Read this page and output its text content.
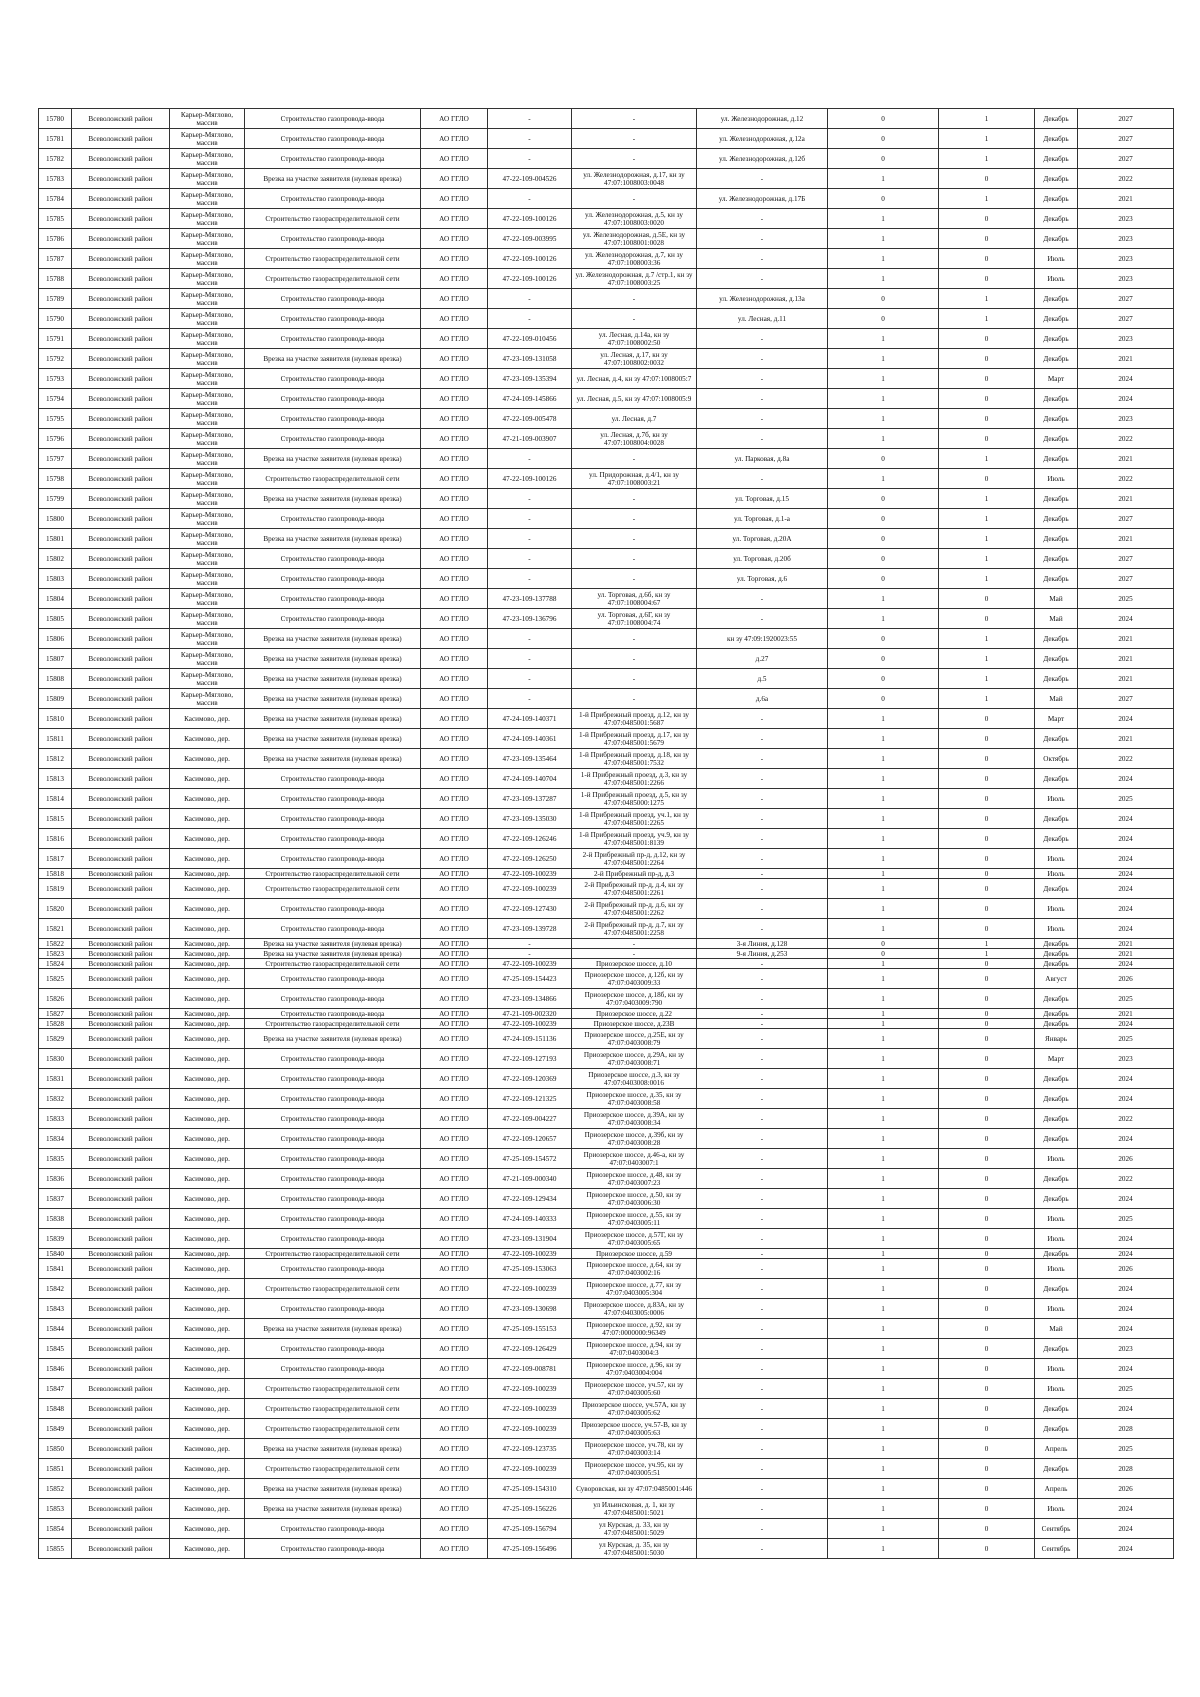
15780	Всеволожский район	Карьер-Мяглово, массив	Строительство газопровода-ввода	АО ГГЛО	-	-	ул. Железнодорожная, д.12	0	1	Декабрь	2027
15781	Всеволожский район	Карьер-Мяглово, массив	Строительство газопровода-ввода	АО ГГЛО	-	-	ул. Железнодорожная, д.12а	0	1	Декабрь	2027
15782	Всеволожский район	Карьер-Мяглово, массив	Строительство газопровода-ввода	АО ГГЛО	-	-	ул. Железнодорожная, д.12б	0	1	Декабрь	2027
15783	Всеволожский район	Карьер-Мяглово, массив	Врезка на участке заявителя (нулевая врезка)	АО ГГЛО	47-22-109-004526	ул. Железнодорожная, д.17, кн зу 47:07:1008003:0048	-	1	0	Декабрь	2022
15784	Всеволожский район	Карьер-Мяглово, массив	Строительство газопровода-ввода	АО ГГЛО	-	-	ул. Железнодорожная, д.17Б	0	1	Декабрь	2021
15785	Всеволожский район	Карьер-Мяглово, массив	Строительство газораспределительной сети	АО ГГЛО	47-22-109-100126	ул. Железнодорожная, д.5, кн зу 47:07:1008003:0020	-	1	0	Декабрь	2023
15786	Всеволожский район	Карьер-Мяглово, массив	Строительство газопровода-ввода	АО ГГЛО	47-22-109-003995	ул. Железнодорожная, д.5Е, кн зу 47:07:1008001:0028	-	1	0	Декабрь	2023
15787	Всеволожский район	Карьер-Мяглово, массив	Строительство газораспределительной сети	АО ГГЛО	47-22-109-100126	ул. Железнодорожная, д.7, кн зу 47:07:1008003:36	-	1	0	Июль	2023
15788	Всеволожский район	Карьер-Мяглово, массив	Строительство газораспределительной сети	АО ГГЛО	47-22-109-100126	ул. Железнодорожная, д.7 /стр.1, кн зу 47:07:1008003:25	-	1	0	Июль	2023
15789	Всеволожский район	Карьер-Мяглово, массив	Строительство газопровода-ввода	АО ГГЛО	-	-	ул. Железнодорожная, д.13а	0	1	Декабрь	2027
15790	Всеволожский район	Карьер-Мяглово, массив	Строительство газопровода-ввода	АО ГГЛО	-	-	ул. Лесная, д.11	0	1	Декабрь	2027
15791	Всеволожский район	Карьер-Мяглово, массив	Строительство газопровода-ввода	АО ГГЛО	47-22-109-010456	ул. Лесная, д.14а, кн зу 47:07:1008002:50	-	1	0	Декабрь	2023
15792	Всеволожский район	Карьер-Мяглово, массив	Врезка на участке заявителя (нулевая врезка)	АО ГГЛО	47-23-109-131058	ул. Лесная, д.17, кн зу 47:07:1008002:0032	-	1	0	Декабрь	2021
15793	Всеволожский район	Карьер-Мяглово, массив	Строительство газопровода-ввода	АО ГГЛО	47-23-109-135394	ул. Лесная, д.4, кн зу 47:07:1008005:7	-	1	0	Март	2024
15794	Всеволожский район	Карьер-Мяглово, массив	Строительство газопровода-ввода	АО ГГЛО	47-24-109-145866	ул. Лесная, д.5, кн зу 47:07:1008005:9	-	1	0	Декабрь	2024
15795	Всеволожский район	Карьер-Мяглово, массив	Строительство газопровода-ввода	АО ГГЛО	47-22-109-005478	ул. Лесная, д.7	-	1	0	Декабрь	2023
15796	Всеволожский район	Карьер-Мяглово, массив	Строительство газопровода-ввода	АО ГГЛО	47-21-109-003907	ул. Лесная, д.7б, кн зу 47:07:1008004:0028	-	1	0	Декабрь	2022
15797	Всеволожский район	Карьер-Мяглово, массив	Врезка на участке заявителя (нулевая врезка)	АО ГГЛО	-	-	ул. Парковая, д.8а	0	1	Декабрь	2021
15798	Всеволожский район	Карьер-Мяглово, массив	Строительство газораспределительной сети	АО ГГЛО	47-22-109-100126	ул. Придорожная, д.4/1, кн зу 47:07:1008003:21	-	1	0	Июль	2022
15799	Всеволожский район	Карьер-Мяглово, массив	Врезка на участке заявителя (нулевая врезка)	АО ГГЛО	-	-	ул. Торговая, д.15	0	1	Декабрь	2021
15800	Всеволожский район	Карьер-Мяглово, массив	Строительство газопровода-ввода	АО ГГЛО	-	-	ул. Торговая, д.1-а	0	1	Декабрь	2027
15801	Всеволожский район	Карьер-Мяглово, массив	Врезка на участке заявителя (нулевая врезка)	АО ГГЛО	-	-	ул. Торговая, д.20А	0	1	Декабрь	2021
15802	Всеволожский район	Карьер-Мяглово, массив	Строительство газопровода-ввода	АО ГГЛО	-	-	ул. Торговая, д.20б	0	1	Декабрь	2027
15803	Всеволожский район	Карьер-Мяглово, массив	Строительство газопровода-ввода	АО ГГЛО	-	-	ул. Торговая, д.6	0	1	Декабрь	2027
15804	Всеволожский район	Карьер-Мяглово, массив	Строительство газопровода-ввода	АО ГГЛО	47-23-109-137788	ул. Торговая, д.6б, кн зу 47:07:1008004:67	-	1	0	Май	2025
15805	Всеволожский район	Карьер-Мяглово, массив	Строительство газопровода-ввода	АО ГГЛО	47-23-109-136796	ул. Торговая, д.6Г, кн зу 47:07:1008004:74	-	1	0	Май	2024
15806	Всеволожский район	Карьер-Мяглово, массив	Врезка на участке заявителя (нулевая врезка)	АО ГГЛО	-	-	кн зу 47:09:1920023:55	0	1	Декабрь	2021
15807	Всеволожский район	Карьер-Мяглово, массив	Врезка на участке заявителя (нулевая врезка)	АО ГГЛО	-	-	д.27	0	1	Декабрь	2021
15808	Всеволожский район	Карьер-Мяглово, массив	Врезка на участке заявителя (нулевая врезка)	АО ГГЛО	-	-	д.5	0	1	Декабрь	2021
15809	Всеволожский район	Карьер-Мяглово, массив	Врезка на участке заявителя (нулевая врезка)	АО ГГЛО	-	-	д.6а	0	1	Май	2027
15810	Всеволожский район	Касимово, дер.	Врезка на участке заявителя (нулевая врезка)	АО ГГЛО	47-24-109-140371	1-й Прибрежный проезд, д.12, кн зу 47:07:0485001:5687	-	1	0	Март	2024
15811	Всеволожский район	Касимово, дер.	Врезка на участке заявителя (нулевая врезка)	АО ГГЛО	47-24-109-140361	1-й Прибрежный проезд, д.17, кн зу 47:07:0485001:5679	-	1	0	Декабрь	2021
15812	Всеволожский район	Касимово, дер.	Врезка на участке заявителя (нулевая врезка)	АО ГГЛО	47-23-109-135464	1-й Прибрежный проезд, д.18, кн зу 47:07:0485001:7532	-	1	0	Октябрь	2022
15813	Всеволожский район	Касимово, дер.	Строительство газопровода-ввода	АО ГГЛО	47-24-109-140704	1-й Прибрежный проезд, д.3, кн зу 47:07:0485001:2266	-	1	0	Декабрь	2024
15814	Всеволожский район	Касимово, дер.	Строительство газопровода-ввода	АО ГГЛО	47-23-109-137287	1-й Прибрежный проезд, д.5, кн зу 47:07:0485000:1275	-	1	0	Июль	2025
15815	Всеволожский район	Касимово, дер.	Строительство газопровода-ввода	АО ГГЛО	47-23-109-135030	1-й Прибрежный проезд, уч.1, кн зу 47:07:0485001:2265	-	1	0	Декабрь	2024
15816	Всеволожский район	Касимово, дер.	Строительство газопровода-ввода	АО ГГЛО	47-22-109-126246	1-й Прибрежный проезд, уч.9, кн зу 47:07:0485001:8139	-	1	0	Декабрь	2024
15817	Всеволожский район	Касимово, дер.	Строительство газопровода-ввода	АО ГГЛО	47-22-109-126250	2-й Прибрежный пр-д, д.12, кн зу 47:07:0485001:2264	-	1	0	Июль	2024
15818	Всеволожский район	Касимово, дер.	Строительство газораспределительной сети	АО ГГЛО	47-22-109-100239	2-й Прибрежный пр-д, д.3	-	1	0	Июль	2024
15819	Всеволожский район	Касимово, дер.	Строительство газораспределительной сети	АО ГГЛО	47-22-109-100239	2-й Прибрежный пр-д, д.4, кн зу 47:07:0485001:2261	-	1	0	Декабрь	2024
15820	Всеволожский район	Касимово, дер.	Строительство газопровода-ввода	АО ГГЛО	47-22-109-127430	2-й Прибрежный пр-д, д.6, кн зу 47:07:0485001:2262	-	1	0	Июль	2024
15821	Всеволожский район	Касимово, дер.	Строительство газопровода-ввода	АО ГГЛО	47-23-109-139728	2-й Прибрежный пр-д, д.7, кн зу 47:07:0485001:2258	-	1	0	Июль	2024
15822	Всеволожский район	Касимово, дер.	Врезка на участке заявителя (нулевая врезка)	АО ГГЛО	-	-	3-я Линия, д.128	0	1	Декабрь	2021
15823	Всеволожский район	Касимово, дер.	Врезка на участке заявителя (нулевая врезка)	АО ГГЛО	-	-	9-я Линия, д.253	0	1	Декабрь	2021
15824	Всеволожский район	Касимово, дер.	Строительство газораспределительной сети	АО ГГЛО	47-22-109-100239	Приозерское шоссе, д.10	-	1	0	Декабрь	2024
15825	Всеволожский район	Касимово, дер.	Строительство газопровода-ввода	АО ГГЛО	47-25-109-154423	Приозерское шоссе, д.12б, кн зу 47:07:0403009:33	-	1	0	Август	2026
15826	Всеволожский район	Касимово, дер.	Строительство газопровода-ввода	АО ГГЛО	47-23-109-134866	Приозерское шоссе, д.18б, кн зу 47:07:0403009:790	-	1	0	Декабрь	2025
15827	Всеволожский район	Касимово, дер.	Строительство газопровода-ввода	АО ГГЛО	47-21-109-002320	Приозерское шоссе, д.22	-	1	0	Декабрь	2021
15828	Всеволожский район	Касимово, дер.	Строительство газораспределительной сети	АО ГГЛО	47-22-109-100239	Приозерское шоссе, д.23В	-	1	0	Декабрь	2024
15829	Всеволожский район	Касимово, дер.	Врезка на участке заявителя (нулевая врезка)	АО ГГЛО	47-24-109-151136	Приозерское шоссе, д.25Е, кн зу 47:07:0403008:79	-	1	0	Январь	2025
15830	Всеволожский район	Касимово, дер.	Строительство газопровода-ввода	АО ГГЛО	47-22-109-127193	Приозерское шоссе, д.29А, кн зу 47:07:0403008:71	-	1	0	Март	2023
15831	Всеволожский район	Касимово, дер.	Строительство газопровода-ввода	АО ГГЛО	47-22-109-120369	Приозерское шоссе, д.3, кн зу 47:07:0403008:0016	-	1	0	Декабрь	2024
15832	Всеволожский район	Касимово, дер.	Строительство газопровода-ввода	АО ГГЛО	47-22-109-121325	Приозерское шоссе, д.35, кн зу 47:07:0403008:58	-	1	0	Декабрь	2024
15833	Всеволожский район	Касимово, дер.	Строительство газопровода-ввода	АО ГГЛО	47-22-109-004227	Приозерское шоссе, д.39А, кн зу 47:07:0403008:34	-	1	0	Декабрь	2022
15834	Всеволожский район	Касимово, дер.	Строительство газопровода-ввода	АО ГГЛО	47-22-109-120657	Приозерское шоссе, д.39б, кн зу 47:07:0403008:28	-	1	0	Декабрь	2024
15835	Всеволожский район	Касимово, дер.	Строительство газопровода-ввода	АО ГГЛО	47-25-109-154572	Приозерское шоссе, д.46-а, кн зу 47:07:0403007:1	-	1	0	Июль	2026
15836	Всеволожский район	Касимово, дер.	Строительство газопровода-ввода	АО ГГЛО	47-21-109-000340	Приозерское шоссе, д.48, кн зу 47:07:0403007:23	-	1	0	Декабрь	2022
15837	Всеволожский район	Касимово, дер.	Строительство газопровода-ввода	АО ГГЛО	47-22-109-129434	Приозерское шоссе, д.50, кн зу 47:07:0403006:30	-	1	0	Декабрь	2024
15838	Всеволожский район	Касимово, дер.	Строительство газопровода-ввода	АО ГГЛО	47-24-109-140333	Приозерское шоссе, д.55, кн зу 47:07:0403005:11	-	1	0	Июль	2025
15839	Всеволожский район	Касимово, дер.	Строительство газопровода-ввода	АО ГГЛО	47-23-109-131904	Приозерское шоссе, д.57Г, кн зу 47:07:0403005:65	-	1	0	Июль	2024
15840	Всеволожский район	Касимово, дер.	Строительство газораспределительной сети	АО ГГЛО	47-22-109-100239	Приозерское шоссе, д.59	-	1	0	Декабрь	2024
15841	Всеволожский район	Касимово, дер.	Строительство газопровода-ввода	АО ГГЛО	47-25-109-153063	Приозерское шоссе, д.64, кн зу 47:07:0403002:16	-	1	0	Июль	2026
15842	Всеволожский район	Касимово, дер.	Строительство газораспределительной сети	АО ГГЛО	47-22-109-100239	Приозерское шоссе, д.77, кн зу 47:07:0403005:304	-	1	0	Декабрь	2024
15843	Всеволожский район	Касимово, дер.	Строительство газопровода-ввода	АО ГГЛО	47-23-109-130698	Приозерское шоссе, д.83А, кн зу 47:07:0403005:0006	-	1	0	Июль	2024
15844	Всеволожский район	Касимово, дер.	Врезка на участке заявителя (нулевая врезка)	АО ГГЛО	47-25-109-155153	Приозерское шоссе, д.92, кн зу 47:07:0000000:96349	-	1	0	Май	2024
15845	Всеволожский район	Касимово, дер.	Строительство газопровода-ввода	АО ГГЛО	47-22-109-126429	Приозерское шоссе, д.94, кн зу 47:07:0403004:3	-	1	0	Декабрь	2023
15846	Всеволожский район	Касимово, дер.	Строительство газопровода-ввода	АО ГГЛО	47-22-109-008781	Приозерское шоссе, д.96, кн зу 47:07:0403004:004	-	1	0	Июль	2024
15847	Всеволожский район	Касимово, дер.	Строительство газораспределительной сети	АО ГГЛО	47-22-109-100239	Приозерское шоссе, уч.57, кн зу 47:07:0403005:60	-	1	0	Июль	2025
15848	Всеволожский район	Касимово, дер.	Строительство газораспределительной сети	АО ГГЛО	47-22-109-100239	Приозерское шоссе, уч.57А, кн зу 47:07:0403005:62	-	1	0	Декабрь	2024
15849	Всеволожский район	Касимово, дер.	Строительство газораспределительной сети	АО ГГЛО	47-22-109-100239	Приозерское шоссе, уч.57-В, кн зу 47:07:0403005:63	-	1	0	Декабрь	2028
15850	Всеволожский район	Касимово, дер.	Врезка на участке заявителя (нулевая врезка)	АО ГГЛО	47-22-109-123735	Приозерское шоссе, уч.78, кн зу 47:07:0403003:14	-	1	0	Апрель	2025
15851	Всеволожский район	Касимово, дер.	Строительство газораспределительной сети	АО ГГЛО	47-22-109-100239	Приозерское шоссе, уч.95, кн зу 47:07:0403005:51	-	1	0	Декабрь	2028
15852	Всеволожский район	Касимово, дер.	Врезка на участке заявителя (нулевая врезка)	АО ГГЛО	47-25-109-154310	Суворовская, кн зу 47:07:0485001:446	-	1	0	Апрель	2026
15853	Всеволожский район	Касимово, дер.	Врезка на участке заявителя (нулевая врезка)	АО ГГЛО	47-25-109-156226	ул Ильинсковая, д. 1, кн зу 47:07:0485001:5021	-	1	0	Июль	2024
15854	Всеволожский район	Касимово, дер.	Строительство газопровода-ввода	АО ГГЛО	47-25-109-156794	ул Курская, д. 33, кн зу 47:07:0485001:5029	-	1	0	Сентябрь	2024
15855	Всеволожский район	Касимово, дер.	Строительство газопровода-ввода	АО ГГЛО	47-25-109-156496	ул Курская, д. 35, кн зу 47:07:0485001:5030	-	1	0	Сентябрь	2024
